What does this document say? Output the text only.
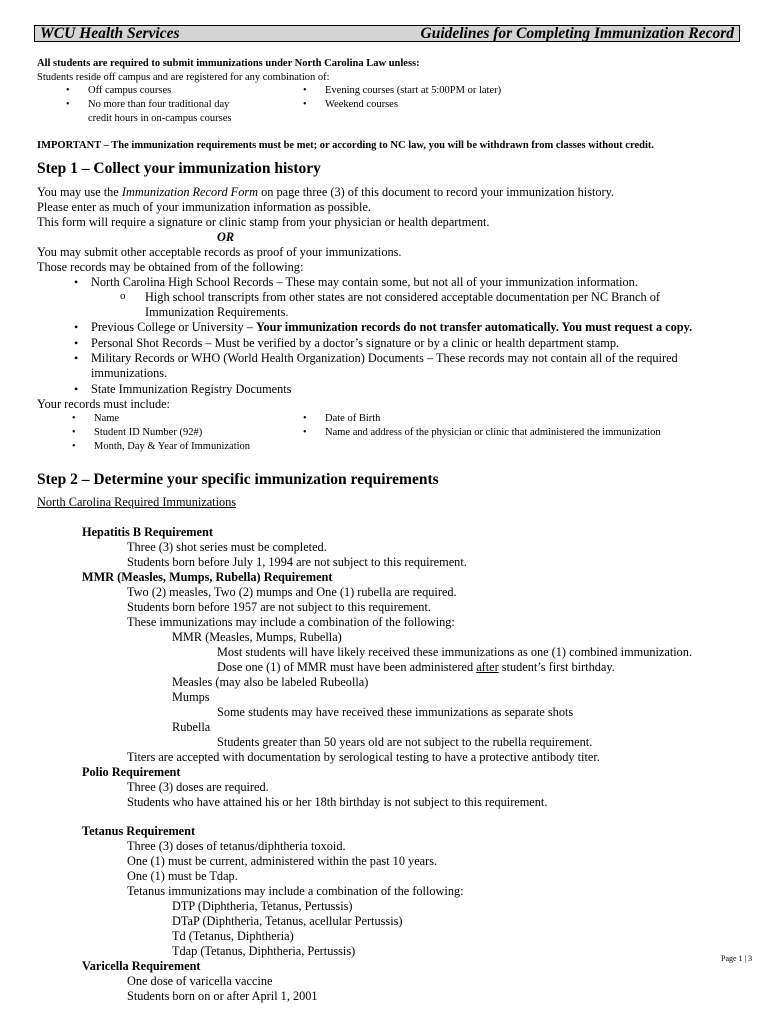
WCU Health Services	Guidelines for Completing Immunization Record
All students are required to submit immunizations under North Carolina Law unless:
Students reside off campus and are registered for any combination of:
• Off campus courses
• No more than four traditional day
credit hours in on-campus courses
• Evening courses (start at 5:00PM or later)
• Weekend courses
IMPORTANT – The immunization requirements must be met; or according to NC law, you will be withdrawn from classes without credit.
Step 1 – Collect your immunization history
You may use the Immunization Record Form on page three (3) of this document to record your immunization history.
Please enter as much of your immunization information as possible.
This form will require a signature or clinic stamp from your physician or health department.
OR
You may submit other acceptable records as proof of your immunizations.
Those records may be obtained from of the following:
• North Carolina High School Records – These may contain some, but not all of your immunization information.
o High school transcripts from other states are not considered acceptable documentation per NC Branch of
Immunization Requirements.
• Previous College or University – Your immunization records do not transfer automatically. You must request a copy.
• Personal Shot Records – Must be verified by a doctor’s signature or by a clinic or health department stamp.
• Military Records or WHO (World Health Organization) Documents – These records may not contain all of the required
immunizations.
• State Immunization Registry Documents
Your records must include:
• Name
• Student ID Number (92#)
• Month, Day & Year of Immunization
• Date of Birth
• Name and address of the physician or clinic that administered the immunization
Step 2 – Determine your specific immunization requirements
North Carolina Required Immunizations
Hepatitis B Requirement
Three (3) shot series must be completed.
Students born before July 1, 1994 are not subject to this requirement.
MMR (Measles, Mumps, Rubella) Requirement
Two (2) measles, Two (2) mumps and One (1) rubella are required.
Students born before 1957 are not subject to this requirement.
These immunizations may include a combination of the following:
MMR (Measles, Mumps, Rubella)
Most students will have likely received these immunizations as one (1) combined immunization.
Dose one (1) of MMR must have been administered after student’s first birthday.
Measles (may also be labeled Rubeolla)
Mumps
Some students may have received these immunizations as separate shots
Rubella
Students greater than 50 years old are not subject to the rubella requirement.
Titers are accepted with documentation by serological testing to have a protective antibody titer.
Polio Requirement
Three (3) doses are required.
Students who have attained his or her 18th birthday is not subject to this requirement.
Tetanus Requirement
Three (3) doses of tetanus/diphtheria toxoid.
One (1) must be current, administered within the past 10 years.
One (1) must be Tdap.
Tetanus immunizations may include a combination of the following:
DTP (Diphtheria, Tetanus, Pertussis)
DTaP (Diphtheria, Tetanus, acellular Pertussis)
Td (Tetanus, Diphtheria)
Tdap (Tetanus, Diphtheria, Pertussis)
Varicella Requirement
One dose of varicella vaccine
Students born on or after April 1, 2001
Page 1 | 3
